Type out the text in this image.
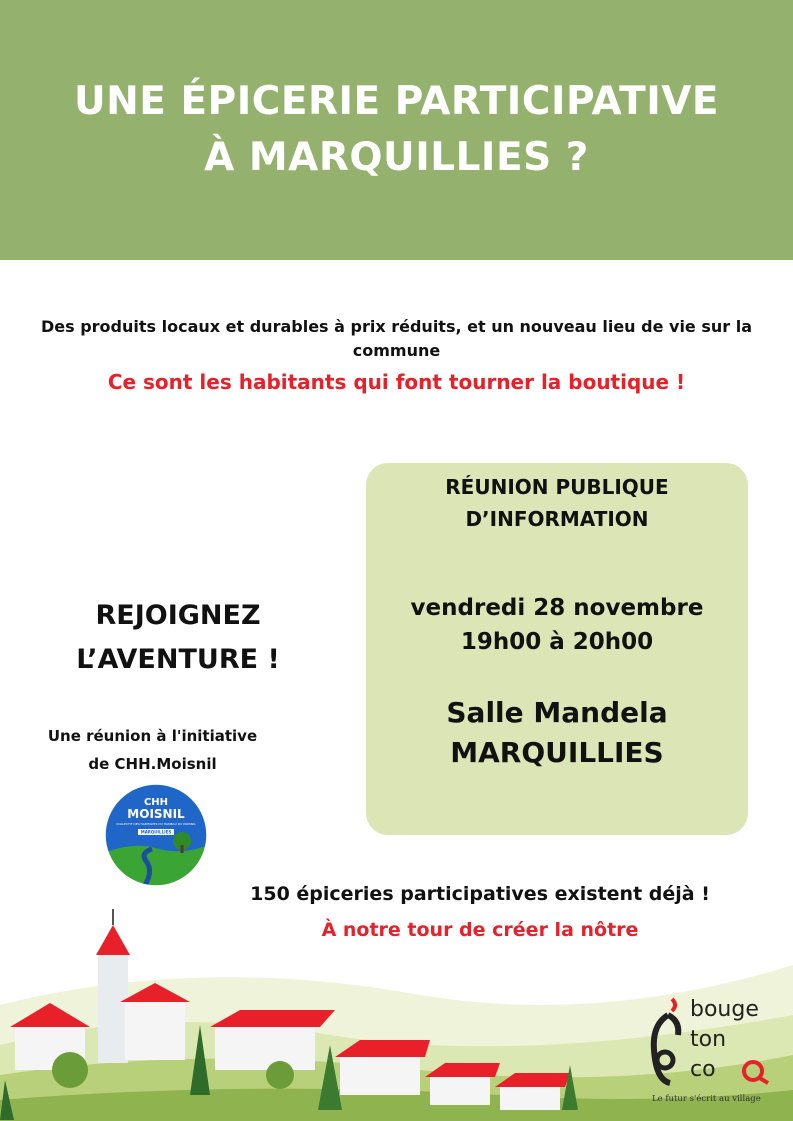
UNE ÉPICERIE PARTICIPATIVE
À MARQUILLIES ?
Des produits locaux et durables à prix réduits, et un nouveau lieu de vie sur la commune
Ce sont les habitants qui font tourner la boutique !
RÉUNION PUBLIQUE
D’INFORMATION
vendredi 28 novembre
19h00 à 20h00
Salle Mandela
MARQUILLIES
REJOIGNEZ
L’AVENTURE !
Une réunion à l'initiative
de CHH.Moisnil
CHH
MOISNIL
COLLECTIF DES HABITANTS DU HAMEAU DU MOISNIL
MARQUILLIES
150 épiceries participatives existent déjà !
À notre tour de créer la nôtre
bouge
ton
co
Le futur s'écrit au village
